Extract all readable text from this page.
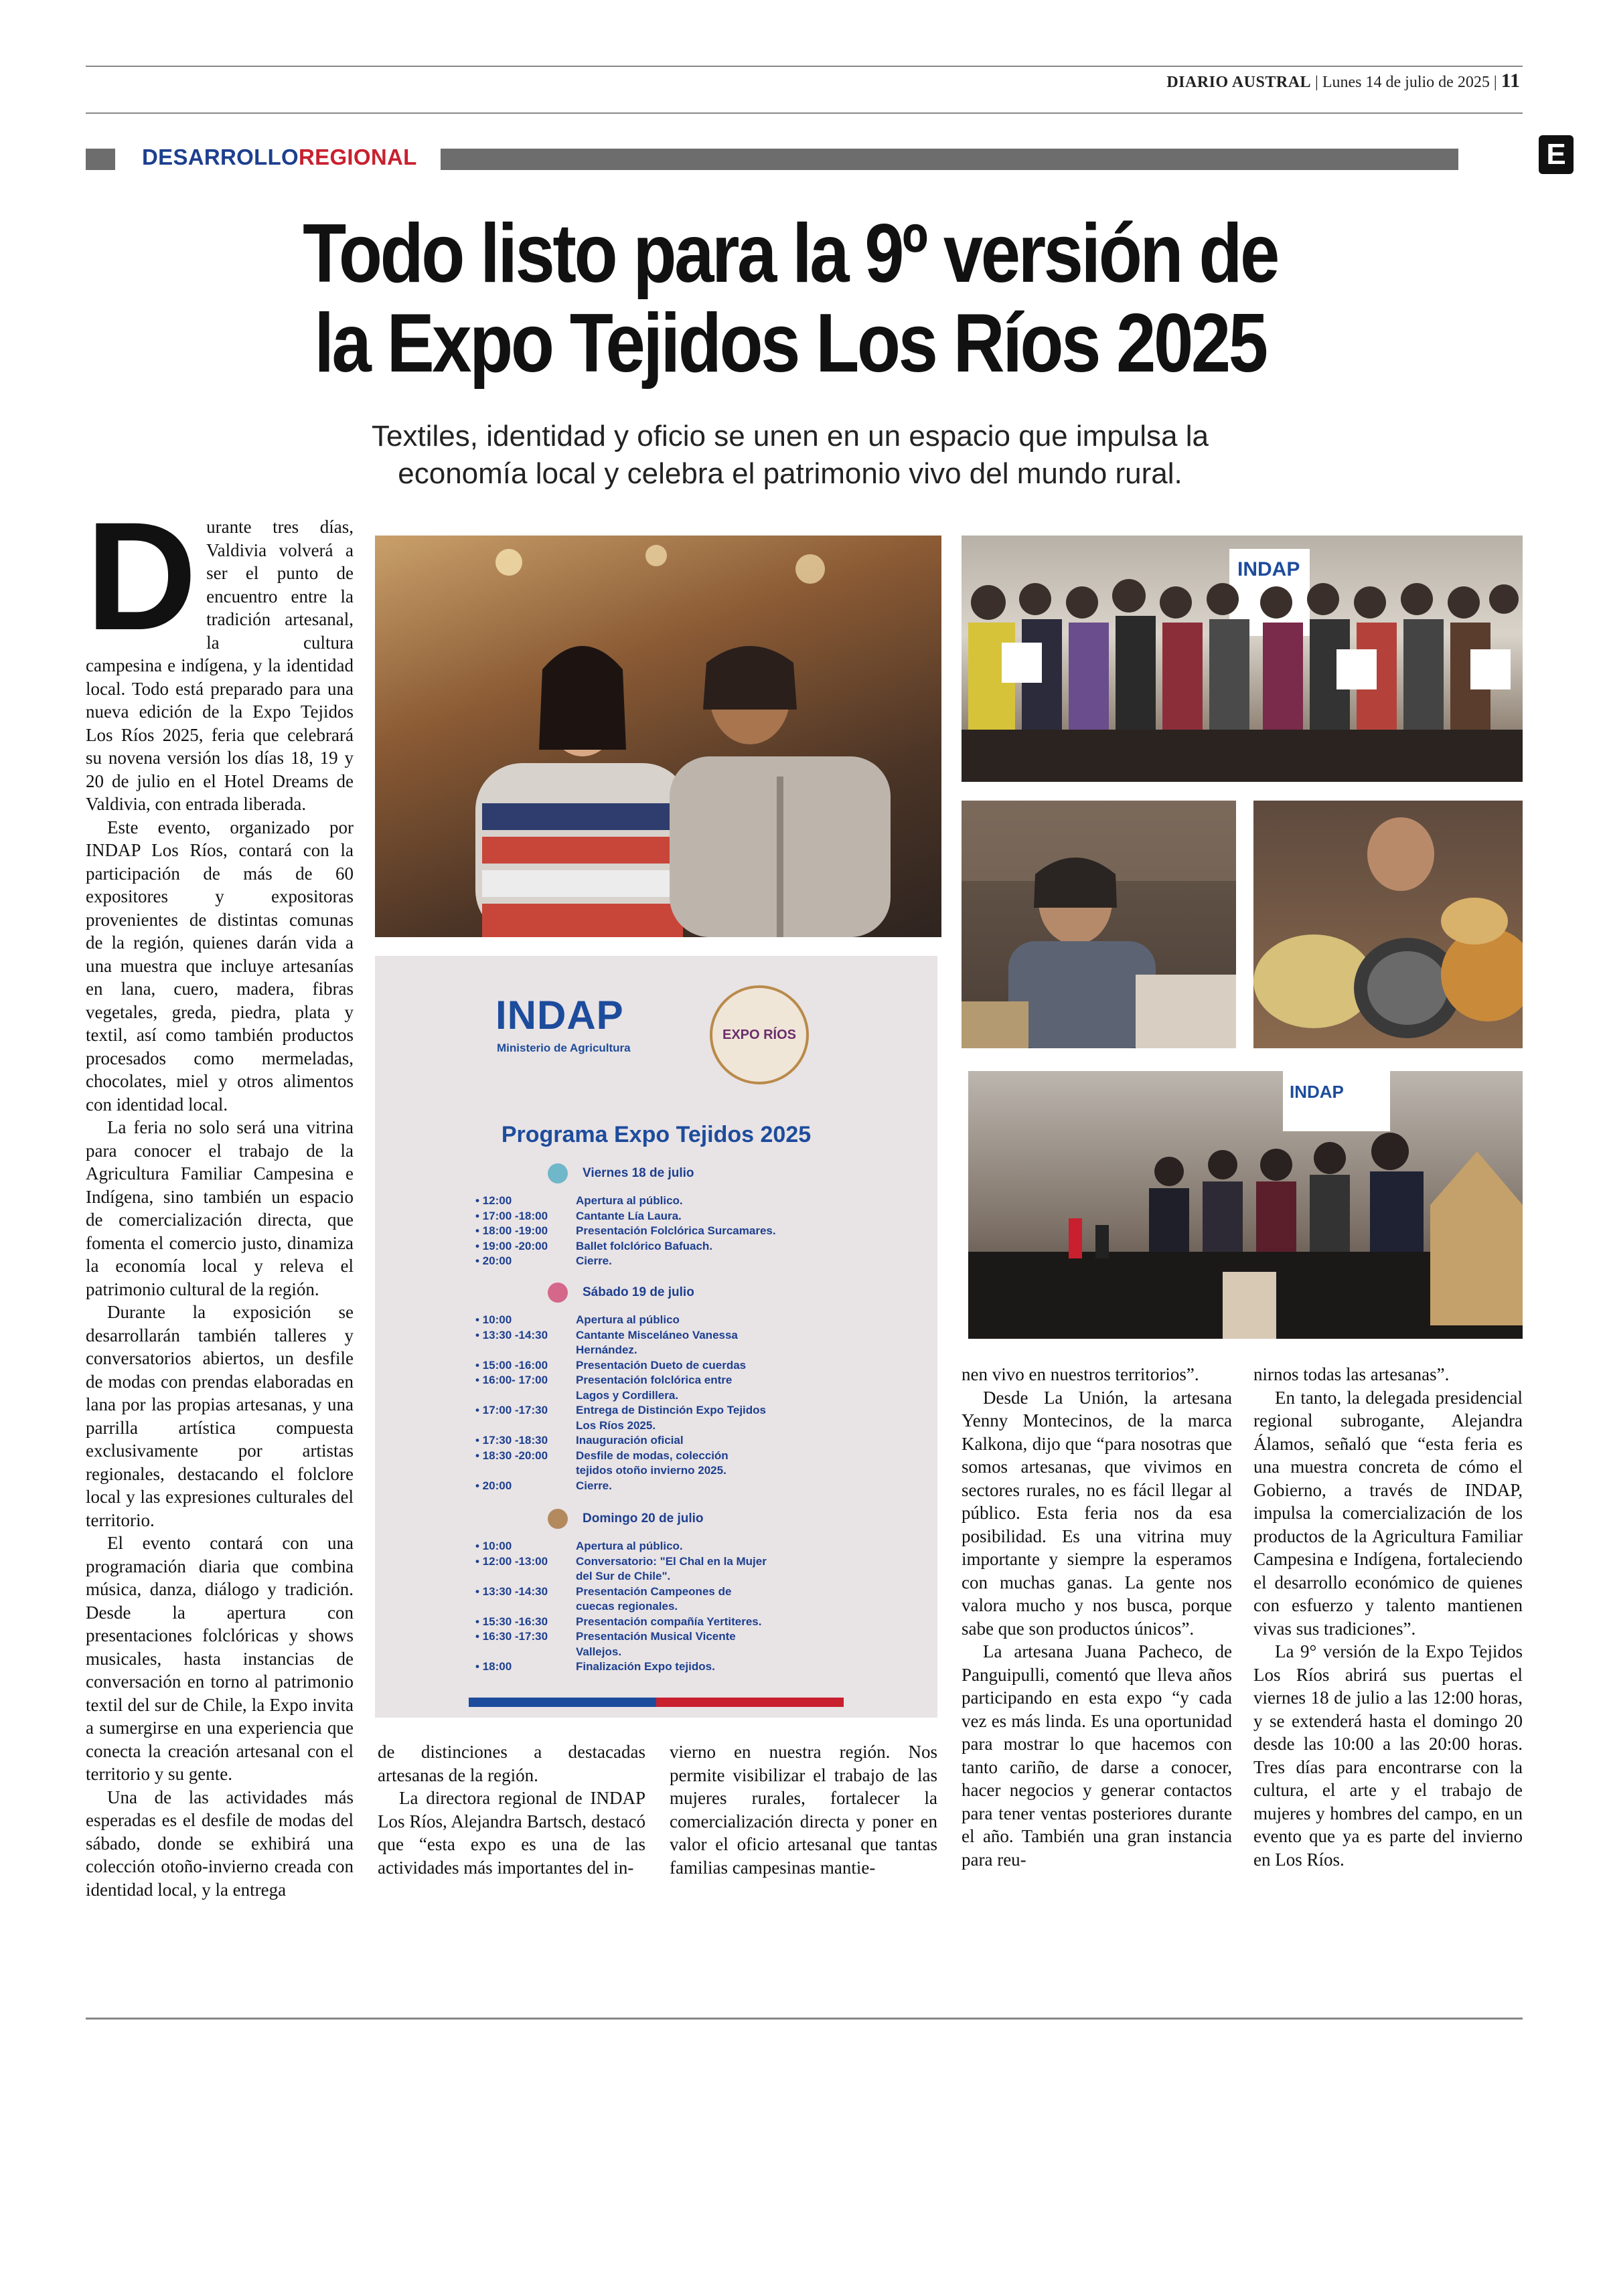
DIARIO AUSTRAL | Lunes 14 de julio de 2025 | 11
DESARROLLOREGIONAL	E
Todo listo para la 9º versión de
la Expo Tejidos Los Ríos 2025
Textiles, identidad y oficio se unen en un espacio que impulsa la economía local y celebra el patrimonio vivo del mundo rural.
D urante tres días, Valdivia volverá a ser el punto de encuentro entre la tradición artesanal, la cultura campesina e indígena, y la identidad local. Todo está preparado para una nueva edición de la Expo Tejidos Los Ríos 2025, feria que celebrará su novena versión los días 18, 19 y 20 de julio en el Hotel Dreams de Valdivia, con entrada liberada.

Este evento, organizado por INDAP Los Ríos, contará con la participación de más de 60 expositores y expositoras provenientes de distintas comunas de la región, quienes darán vida a una muestra que incluye artesanías en lana, cuero, madera, fibras vegetales, greda, piedra, plata y textil, así como también productos procesados como mermeladas, chocolates, miel y otros alimentos con identidad local.

La feria no solo será una vitrina para conocer el trabajo de la Agricultura Familiar Campesina e Indígena, sino también un espacio de comercialización directa, que fomenta el comercio justo, dinamiza la economía local y releva el patrimonio cultural de la región.

Durante la exposición se desarrollarán también talleres y conversatorios abiertos, un desfile de modas con prendas elaboradas en lana por las propias artesanas, y una parrilla artística compuesta exclusivamente por artistas regionales, destacando el folclore local y las expresiones culturales del territorio.

El evento contará con una programación diaria que combina música, danza, diálogo y tradición. Desde la apertura con presentaciones folclóricas y shows musicales, hasta instancias de conversación en torno al patrimonio textil del sur de Chile, la Expo invita a sumergirse en una experiencia que conecta la creación artesanal con el territorio y su gente.

Una de las actividades más esperadas es el desfile de modas del sábado, donde se exhibirá una colección otoño-invierno creada con identidad local, y la entrega

de distinciones a destacadas artesanas de la región.

La directora regional de INDAP Los Ríos, Alejandra Bartsch, destacó que “esta expo es una de las actividades más importantes del in-

vierno en nuestra región. Nos permite visibilizar el trabajo de las mujeres rurales, fortalecer la comercialización directa y poner en valor el oficio artesanal que tantas familias campesinas mantie-

nen vivo en nuestros territorios”.

Desde La Unión, la artesana Yenny Montecinos, de la marca Kalkona, dijo que “para nosotras que somos artesanas, que vivimos en sectores rurales, no es fácil llegar al público. Esta feria nos da esa posibilidad. Es una vitrina muy importante y siempre la esperamos con muchas ganas. La gente nos valora mucho y nos busca, porque sabe que son productos únicos”.

La artesana Juana Pacheco, de Panguipulli, comentó que lleva años participando en esta expo “y cada vez es más linda. Es una oportunidad para mostrar lo que hacemos con tanto cariño, de darse a conocer, hacer negocios y generar contactos para tener ventas posteriores durante el año. También una gran instancia para reu-

nirnos todas las artesanas”.

En tanto, la delegada presidencial regional subrogante, Alejandra Álamos, señaló que “esta feria es una muestra concreta de cómo el Gobierno, a través de INDAP, impulsa la comercialización de los productos de la Agricultura Familiar Campesina e Indígena, fortaleciendo el desarrollo económico de quienes con esfuerzo y talento mantienen vivas sus tradiciones”.

La 9° versión de la Expo Tejidos Los Ríos abrirá sus puertas el viernes 18 de julio a las 12:00 horas, y se extenderá hasta el domingo 20 desde las 10:00 a las 20:00 horas. Tres días para encontrarse con la cultura, el arte y el trabajo de mujeres y hombres del campo, en un evento que ya es parte del invierno en Los Ríos.

INDAP
INDAP
INDAP
Ministerio de Agricultura
EXPO RÍOS
Programa Expo Tejidos 2025
Viernes 18 de julio
• 12:00	Apertura al público.
• 17:00 -18:00 Cantante Lía Laura.
• 18:00 -19:00 Presentación Folclórica Surcamares.
• 19:00 -20:00 Ballet folclórico Bafuach.
• 20:00	Cierre.
Sábado 19 de julio
• 10:00	Apertura al público
• 13:30 -14:30 Cantante Misceláneo Vanessa
Hernández.
• 15:00 -16:00 Presentación Dueto de cuerdas
• 16:00- 17:00 Presentación folclórica entre
Lagos y Cordillera.
• 17:00 -17:30 Entrega de Distinción Expo Tejidos
Los Ríos 2025.
• 17:30 -18:30 Inauguración oficial
• 18:30 -20:00 Desfile de modas, colección
tejidos otoño invierno 2025.
• 20:00	Cierre.
Domingo 20 de julio
• 10:00	Apertura al público.
• 12:00 -13:00 Conversatorio: "El Chal en la Mujer
del Sur de Chile".
• 13:30 -14:30 Presentación Campeones de
cuecas regionales.
• 15:30 -16:30 Presentación compañía Yertiteres.
• 16:30 -17:30 Presentación Musical Vicente
Vallejos.
• 18:00	Finalización Expo tejidos.
